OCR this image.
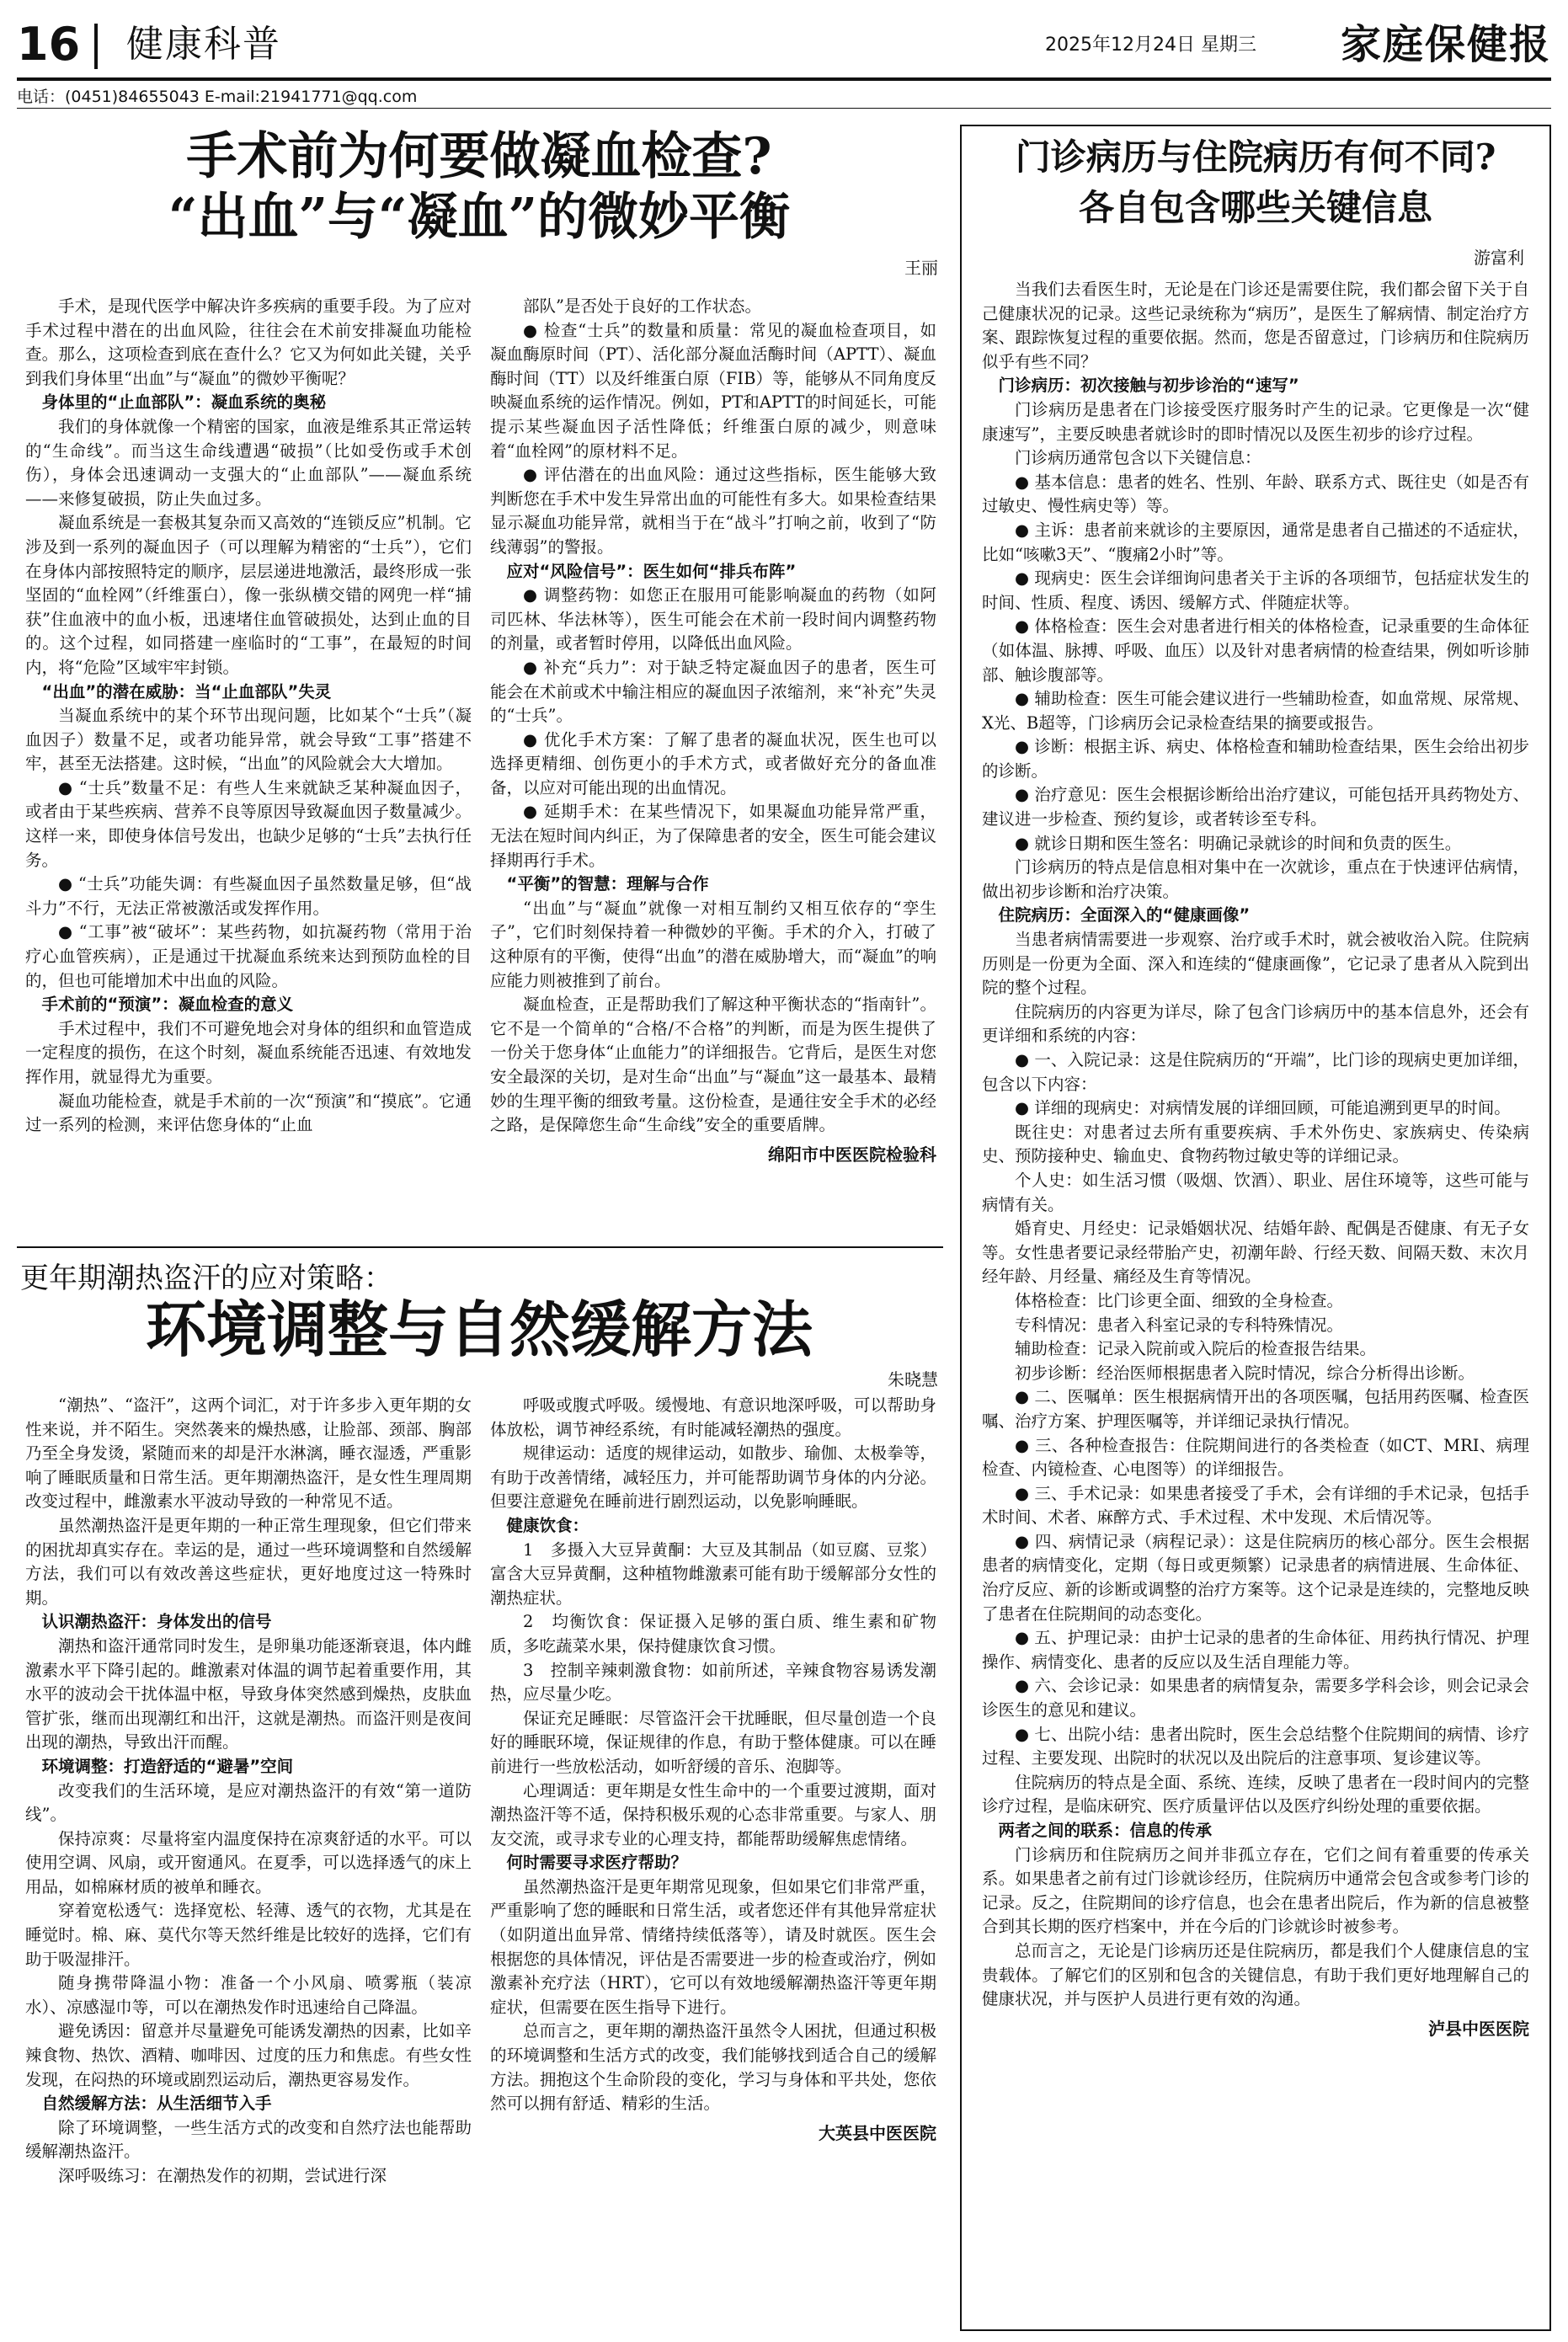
16 健康科普	2025年12月24日 星期三 家庭保健报
电话：(0451)84655043 E-mail:21941771@qq.com
手术前为何要做凝血检查?
“出血”与“凝血”的微妙平衡
王丽

手术，是现代医学中解决许多疾病的重要手段。为了应对手术过程中潜在的出血风险，往往会在术前安排凝血功能检查。那么，这项检查到底在查什么？它又为何如此关键，关乎到我们身体里“出血”与“凝血”的微妙平衡呢？

身体里的“止血部队”：凝血系统的奥秘

我们的身体就像一个精密的国家，血液是维系其正常运转的“生命线”。而当这生命线遭遇“破损”（比如受伤或手术创伤），身体会迅速调动一支强大的“止血部队”——凝血系统——来修复破损，防止失血过多。

凝血系统是一套极其复杂而又高效的“连锁反应”机制。它涉及到一系列的凝血因子（可以理解为精密的“士兵”），它们在身体内部按照特定的顺序，层层递进地激活，最终形成一张坚固的“血栓网”（纤维蛋白），像一张纵横交错的网兜一样“捕获”住血液中的血小板，迅速堵住血管破损处，达到止血的目的。这个过程，如同搭建一座临时的“工事”，在最短的时间内，将“危险”区域牢牢封锁。

“出血”的潜在威胁：当“止血部队”失灵

当凝血系统中的某个环节出现问题，比如某个“士兵”（凝血因子）数量不足，或者功能异常，就会导致“工事”搭建不牢，甚至无法搭建。这时候，“出血”的风险就会大大增加。

● “士兵”数量不足：有些人生来就缺乏某种凝血因子，或者由于某些疾病、营养不良等原因导致凝血因子数量减少。这样一来，即使身体信号发出，也缺少足够的“士兵”去执行任务。

● “士兵”功能失调：有些凝血因子虽然数量足够，但“战斗力”不行，无法正常被激活或发挥作用。

● “工事”被“破坏”：某些药物，如抗凝药物（常用于治疗心血管疾病），正是通过干扰凝血系统来达到预防血栓的目的，但也可能增加术中出血的风险。

手术前的“预演”：凝血检查的意义

手术过程中，我们不可避免地会对身体的组织和血管造成一定程度的损伤，在这个时刻，凝血系统能否迅速、有效地发挥作用，就显得尤为重要。

凝血功能检查，就是手术前的一次“预演”和“摸底”。它通过一系列的检测，来评估您身体的“止血

部队”是否处于良好的工作状态。

● 检查“士兵”的数量和质量：常见的凝血检查项目，如凝血酶原时间（PT）、活化部分凝血活酶时间（APTT）、凝血酶时间（TT）以及纤维蛋白原（FIB）等，能够从不同角度反映凝血系统的运作情况。例如，PT和APTT的时间延长，可能提示某些凝血因子活性降低；纤维蛋白原的减少，则意味着“血栓网”的原材料不足。

● 评估潜在的出血风险：通过这些指标，医生能够大致判断您在手术中发生异常出血的可能性有多大。如果检查结果显示凝血功能异常，就相当于在“战斗”打响之前，收到了“防线薄弱”的警报。

应对“风险信号”：医生如何“排兵布阵”

● 调整药物：如您正在服用可能影响凝血的药物（如阿司匹林、华法林等），医生可能会在术前一段时间内调整药物的剂量，或者暂时停用，以降低出血风险。

● 补充“兵力”：对于缺乏特定凝血因子的患者，医生可能会在术前或术中输注相应的凝血因子浓缩剂，来“补充”失灵的“士兵”。

● 优化手术方案：了解了患者的凝血状况，医生也可以选择更精细、创伤更小的手术方式，或者做好充分的备血准备，以应对可能出现的出血情况。

● 延期手术：在某些情况下，如果凝血功能异常严重，无法在短时间内纠正，为了保障患者的安全，医生可能会建议择期再行手术。

“平衡”的智慧：理解与合作

“出血”与“凝血”就像一对相互制约又相互依存的“孪生子”，它们时刻保持着一种微妙的平衡。手术的介入，打破了这种原有的平衡，使得“出血”的潜在威胁增大，而“凝血”的响应能力则被推到了前台。

凝血检查，正是帮助我们了解这种平衡状态的“指南针”。它不是一个简单的“合格/不合格”的判断，而是为医生提供了一份关于您身体“止血能力”的详细报告。它背后，是医生对您安全最深的关切，是对生命“出血”与“凝血”这一最基本、最精妙的生理平衡的细致考量。这份检查，是通往安全手术的必经之路，是保障您生命“生命线”安全的重要盾牌。

绵阳市中医医院检验科
更年期潮热盗汗的应对策略：
环境调整与自然缓解方法
朱晓慧

“潮热”、“盗汗”，这两个词汇，对于许多步入更年期的女性来说，并不陌生。突然袭来的燥热感，让脸部、颈部、胸部乃至全身发烫，紧随而来的却是汗水淋漓，睡衣湿透，严重影响了睡眠质量和日常生活。更年期潮热盗汗，是女性生理周期改变过程中，雌激素水平波动导致的一种常见不适。

虽然潮热盗汗是更年期的一种正常生理现象，但它们带来的困扰却真实存在。幸运的是，通过一些环境调整和自然缓解方法，我们可以有效改善这些症状，更好地度过这一特殊时期。

认识潮热盗汗：身体发出的信号

潮热和盗汗通常同时发生，是卵巢功能逐渐衰退，体内雌激素水平下降引起的。雌激素对体温的调节起着重要作用，其水平的波动会干扰体温中枢，导致身体突然感到燥热，皮肤血管扩张，继而出现潮红和出汗，这就是潮热。而盗汗则是夜间出现的潮热，导致出汗而醒。

环境调整：打造舒适的“避暑”空间

改变我们的生活环境，是应对潮热盗汗的有效“第一道防线”。

保持凉爽：尽量将室内温度保持在凉爽舒适的水平。可以使用空调、风扇，或开窗通风。在夏季，可以选择透气的床上用品，如棉麻材质的被单和睡衣。

穿着宽松透气：选择宽松、轻薄、透气的衣物，尤其是在睡觉时。棉、麻、莫代尔等天然纤维是比较好的选择，它们有助于吸湿排汗。

随身携带降温小物：准备一个小风扇、喷雾瓶（装凉水）、凉感湿巾等，可以在潮热发作时迅速给自己降温。

避免诱因：留意并尽量避免可能诱发潮热的因素，比如辛辣食物、热饮、酒精、咖啡因、过度的压力和焦虑。有些女性发现，在闷热的环境或剧烈运动后，潮热更容易发作。

自然缓解方法：从生活细节入手

除了环境调整，一些生活方式的改变和自然疗法也能帮助缓解潮热盗汗。

深呼吸练习：在潮热发作的初期，尝试进行深

呼吸或腹式呼吸。缓慢地、有意识地深呼吸，可以帮助身体放松，调节神经系统，有时能减轻潮热的强度。

规律运动：适度的规律运动，如散步、瑜伽、太极拳等，有助于改善情绪，减轻压力，并可能帮助调节身体的内分泌。但要注意避免在睡前进行剧烈运动，以免影响睡眠。

健康饮食：

1　多摄入大豆异黄酮：大豆及其制品（如豆腐、豆浆）富含大豆异黄酮，这种植物雌激素可能有助于缓解部分女性的潮热症状。

2　均衡饮食：保证摄入足够的蛋白质、维生素和矿物质，多吃蔬菜水果，保持健康饮食习惯。

3　控制辛辣刺激食物：如前所述，辛辣食物容易诱发潮热，应尽量少吃。

保证充足睡眠：尽管盗汗会干扰睡眠，但尽量创造一个良好的睡眠环境，保证规律的作息，有助于整体健康。可以在睡前进行一些放松活动，如听舒缓的音乐、泡脚等。

心理调适：更年期是女性生命中的一个重要过渡期，面对潮热盗汗等不适，保持积极乐观的心态非常重要。与家人、朋友交流，或寻求专业的心理支持，都能帮助缓解焦虑情绪。

何时需要寻求医疗帮助？

虽然潮热盗汗是更年期常见现象，但如果它们非常严重，严重影响了您的睡眠和日常生活，或者您还伴有其他异常症状（如阴道出血异常、情绪持续低落等），请及时就医。医生会根据您的具体情况，评估是否需要进一步的检查或治疗，例如激素补充疗法（HRT），它可以有效地缓解潮热盗汗等更年期症状，但需要在医生指导下进行。

总而言之，更年期的潮热盗汗虽然令人困扰，但通过积极的环境调整和生活方式的改变，我们能够找到适合自己的缓解方法。拥抱这个生命阶段的变化，学习与身体和平共处，您依然可以拥有舒适、精彩的生活。

大英县中医医院
门诊病历与住院病历有何不同?
各自包含哪些关键信息
游富利

当我们去看医生时，无论是在门诊还是需要住院，我们都会留下关于自己健康状况的记录。这些记录统称为“病历”，是医生了解病情、制定治疗方案、跟踪恢复过程的重要依据。然而，您是否留意过，门诊病历和住院病历似乎有些不同？

门诊病历：初次接触与初步诊治的“速写”

门诊病历是患者在门诊接受医疗服务时产生的记录。它更像是一次“健康速写”，主要反映患者就诊时的即时情况以及医生初步的诊疗过程。

门诊病历通常包含以下关键信息：

● 基本信息：患者的姓名、性别、年龄、联系方式、既往史（如是否有过敏史、慢性病史等）等。

● 主诉：患者前来就诊的主要原因，通常是患者自己描述的不适症状，比如“咳嗽3天”、“腹痛2小时”等。

● 现病史：医生会详细询问患者关于主诉的各项细节，包括症状发生的时间、性质、程度、诱因、缓解方式、伴随症状等。

● 体格检查：医生会对患者进行相关的体格检查，记录重要的生命体征（如体温、脉搏、呼吸、血压）以及针对患者病情的检查结果，例如听诊肺部、触诊腹部等。

● 辅助检查：医生可能会建议进行一些辅助检查，如血常规、尿常规、X光、B超等，门诊病历会记录检查结果的摘要或报告。

● 诊断：根据主诉、病史、体格检查和辅助检查结果，医生会给出初步的诊断。

● 治疗意见：医生会根据诊断给出治疗建议，可能包括开具药物处方、建议进一步检查、预约复诊，或者转诊至专科。

● 就诊日期和医生签名：明确记录就诊的时间和负责的医生。

门诊病历的特点是信息相对集中在一次就诊，重点在于快速评估病情，做出初步诊断和治疗决策。

住院病历：全面深入的“健康画像”

当患者病情需要进一步观察、治疗或手术时，就会被收治入院。住院病历则是一份更为全面、深入和连续的“健康画像”，它记录了患者从入院到出院的整个过程。

住院病历的内容更为详尽，除了包含门诊病历中的基本信息外，还会有更详细和系统的内容：

● 一、入院记录：这是住院病历的“开端”，比门诊的现病史更加详细，包含以下内容：

● 详细的现病史：对病情发展的详细回顾，可能追溯到更早的时间。

既往史：对患者过去所有重要疾病、手术外伤史、家族病史、传染病史、预防接种史、输血史、食物药物过敏史等的详细记录。

个人史：如生活习惯（吸烟、饮酒）、职业、居住环境等，这些可能与病情有关。

婚育史、月经史：记录婚姻状况、结婚年龄、配偶是否健康、有无子女等。女性患者要记录经带胎产史，初潮年龄、行经天数、间隔天数、末次月经年龄、月经量、痛经及生育等情况。

体格检查：比门诊更全面、细致的全身检查。

专科情况：患者入科室记录的专科特殊情况。

辅助检查：记录入院前或入院后的检查报告结果。

初步诊断：经治医师根据患者入院时情况，综合分析得出诊断。

● 二、医嘱单：医生根据病情开出的各项医嘱，包括用药医嘱、检查医嘱、治疗方案、护理医嘱等，并详细记录执行情况。

● 三、各种检查报告：住院期间进行的各类检查（如CT、MRI、病理检查、内镜检查、心电图等）的详细报告。

● 三、手术记录：如果患者接受了手术，会有详细的手术记录，包括手术时间、术者、麻醉方式、手术过程、术中发现、术后情况等。

● 四、病情记录（病程记录）：这是住院病历的核心部分。医生会根据患者的病情变化，定期（每日或更频繁）记录患者的病情进展、生命体征、治疗反应、新的诊断或调整的治疗方案等。这个记录是连续的，完整地反映了患者在住院期间的动态变化。

● 五、护理记录：由护士记录的患者的生命体征、用药执行情况、护理操作、病情变化、患者的反应以及生活自理能力等。

● 六、会诊记录：如果患者的病情复杂，需要多学科会诊，则会记录会诊医生的意见和建议。

● 七、出院小结：患者出院时，医生会总结整个住院期间的病情、诊疗过程、主要发现、出院时的状况以及出院后的注意事项、复诊建议等。

住院病历的特点是全面、系统、连续，反映了患者在一段时间内的完整诊疗过程，是临床研究、医疗质量评估以及医疗纠纷处理的重要依据。

两者之间的联系：信息的传承

门诊病历和住院病历之间并非孤立存在，它们之间有着重要的传承关系。如果患者之前有过门诊就诊经历，住院病历中通常会包含或参考门诊的记录。反之，住院期间的诊疗信息，也会在患者出院后，作为新的信息被整合到其长期的医疗档案中，并在今后的门诊就诊时被参考。

总而言之，无论是门诊病历还是住院病历，都是我们个人健康信息的宝贵载体。了解它们的区别和包含的关键信息，有助于我们更好地理解自己的健康状况，并与医护人员进行更有效的沟通。

泸县中医医院
